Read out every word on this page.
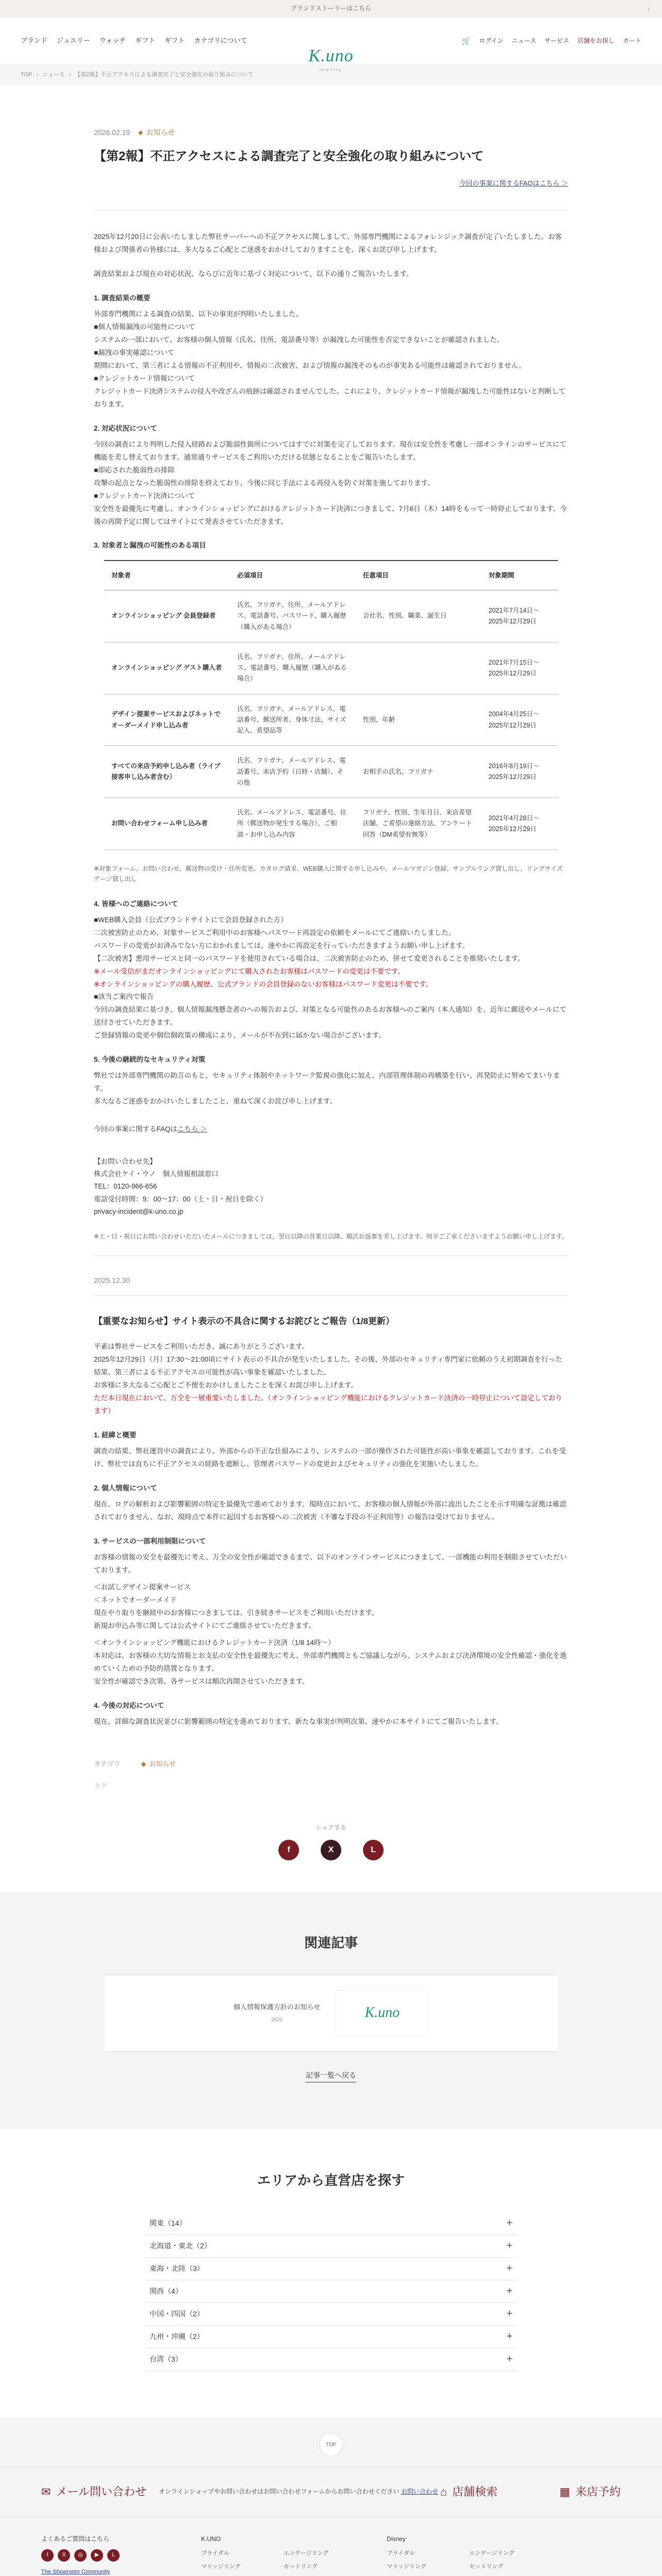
ブランドストーリーはこちら	›
ブランド ジュエリー ウォッチ ギフト ギフト カテゴリについて
K.uno
Jewelry
🛒 ログイン ニュース サービス 店舗をお探し カート
TOP › ニュース › 【第2報】不正アクセスによる調査完了と安全強化の取り組みについて
2026.02.19 ◆ お知らせ
【第2報】不正アクセスによる調査完了と安全強化の取り組みについて
今回の事案に関するFAQはこちら ＞

2025年12月20日に公表いたしました弊社サーバーへの不正アクセスに関しまして、外部専門機関によるフォレンジック調査が完了いたしました。お客様および関係者の皆様には、多大なるご心配とご迷惑をおかけしておりますことを、深くお詫び申し上げます。

調査結果および現在の対応状況、ならびに近年に基づく対応について、以下の通りご報告いたします。

1. 調査結果の概要
外部専門機関による調査の結果、以下の事実が判明いたしました。
■個人情報漏洩の可能性について
システムの一部において、お客様の個人情報（氏名、住所、電話番号等）が漏洩した可能性を否定できないことが確認されました。
■漏洩の事実確認について
期間において、第三者による情報の不正利用や、情報の二次被害、および情報の漏洩そのものが事実ある可能性は確認されておりません。
■クレジットカード情報について
クレジットカード決済システムの侵入や改ざんの痕跡は確認されませんでした。これにより、クレジットカード情報が漏洩した可能性はないと判断しております。
2. 対応状況について
今回の調査により判明した侵入経路および脆弱性箇所についてはすでに対策を完了しております。現在は安全性を考慮し一部オンラインのサービスにて機能を差し替えております。通常通りサービスをご利用いただける状態となることをご報告いたします。
■即応された脆弱性の排除
攻撃の起点となった脆弱性の排除を終えており、今後に同じ手法による再侵入を防ぐ対策を施しております。
■クレジットカード決済について
安全性を最優先に考慮し、オンラインショッピングにおけるクレジットカード決済につきまして、7月6日（木）14時をもって一時停止しております。今後の再開予定に関してはサイトにて発表させていただきます。
3. 対象者と漏洩の可能性のある項目
対象者	必須項目	任意項目	対象期間
オンラインショッピング 会員登録者	氏名、フリガナ、住所、メールアドレス、電話番号、パスワード、購入履歴（購入がある場合）	会社名、性別、職業、誕生日	2021年7月14日～2025年12月29日
オンラインショッピング ゲスト購入者	氏名、フリガナ、住所、メールアドレス、電話番号、購入履歴（購入がある場合）		2021年7月15日～2025年12月29日
デザイン提案サービスおよびネットでオーダーメイド申し込み者	氏名、フリガナ、メールアドレス、電話番号、郵送所者、身体寸法、サイズ記入、希望品等	性別、年齢	2004年4月25日～2025年12月29日
すべての来店予約申し込み者（ライブ接客申し込み者含む）	氏名、フリガナ、メールアドレス、電話番号、来店予約（日時・店舗）、その他	お相手の氏名、フリガナ	2016年8月19日～2025年12月29日
お問い合わせフォーム申し込み者	氏名、メールアドレス、電話番号、住所（郵送物が発生する場合）、ご相談・お申し込み内容	フリガナ、性別、生年月日、来店希望店舗、ご希望の連絡方法、アンケート回答（DM希望有無等）	2021年4月28日～2025年12月29日

※対象フォーム、お問い合わせ、郵送物の受け・住所変更、カタログ請求、WEB購入に関する申し込みや、メールマガジン登録、サンプルリング貸し出し、リングサイズゲージ貸し出し

4. 皆様へのご連絡について
■WEB購入会員（公式ブランドサイトにて会員登録された方）
二次被害防止のため、対象サービスご利用中のお客様へパスワード再設定の依頼をメールにてご連絡いたしました。
パスワードの変更がお済みでない方におかれましては、速やかに再設定を行っていただきますようお願い申し上げます。
【二次被害】悪用サービスと同一のパスワードを使用されている場合は、二次被害防止のため、併せて変更されることを推奨いたします。
※メール受信がまだオンラインショッピングにて購入されたお客様はパスワードの変更は不要です。
※オンラインショッピングの購入履歴、公式ブランドの会員登録のないお客様はパスワード変更は不要です。
■該当ご案内で報告
今回の調査結果に基づき、個人情報漏洩懸念者のへの報告および、対策となる可能性のあるお客様へのご案内（本人通知）を、近年に郵送やメールにて送付させていただきます。
ご登録情報の変更や個信個政策の構成により、メールが不在到に届かない場合がございます。
5. 今後の継続的なセキュリティ対策
弊社では外部専門機関の助言のもと、セキュリティ体制やネットワーク監視の強化に加え、内部管理体制の再構築を行い、再発防止に努めてまいります。
多大なるご迷惑をおかけいたしましたこと、重ねて深くお詫び申し上げます。
今回の事案に関するFAQはこちら ＞
【お問い合わせ先】
株式会社ケイ・ウノ　個人情報相談窓口
TEL：0120-966-656
電話受付時間：9：00～17：00（土・日・祝日を除く）
privacy-incident@k-uno.co.jp

※土・日・祝日にお問い合わせいただいたメールにつきましては、翌日以降の営業日以降、順次お返事を差し上げます。何卒ご了承くださいますようお願い申し上げます。

2025.12.30
【重要なお知らせ】サイト表示の不具合に関するお詫びとご報告（1/8更新）
平素は弊社サービスをご利用いただき、誠にありがとうございます。
2025年12月29日（月）17:30～21:00頃にサイト表示の不具合が発生いたしました。その後、外部のセキュリティ専門家に依頼のうえ初期調査を行った結果、第三者による不正アクセスの可能性が高い事象を確認いたしました。
お客様に多大なるご心配とご不便をおかけしましたことを深くお詫び申し上げます。
ただ本日現在において、万全を一層重要いたしました。（オンラインショッピング機能におけるクレジットカード決済の一時停止について設定しております）
1. 経緯と概要
調査の結果、弊社運営中の調査により、外部からの不正な仕組みにより、システムの一部が操作された可能性が高い事象を確認しております。これを受け、弊社では直ちに不正アクセスの経路を遮断し、管理者パスワードの変更およびセキュリティの強化を実施いたしました。
2. 個人情報について
現在、ログの解析および影響範囲の特定を最優先で進めております。現時点において、お客様の個人情報が外部に流出したことを示す明確な証拠は確認されておりません。なお、現時点で本件に起因するお客様への二次被害（不審な手段の不正利用等）の報告は受けておりません。
3. サービスの一部利用制限について
お客様の情報の安全を最優先に考え、万全の安全性が確認できるまで、以下のオンラインサービスにつきまして、一部機能の利用を制限させていただいております。
＜お試しデザイン提案サービス
＜ネットでオーダーメイド
現在やり取りを継続中のお客様につきましては、引き続きサービスをご利用いただけます。
新規お申込み等に関しては公式サイトにてご連絡させていただきます。
＜オンラインショッピング機能におけるクレジットカード決済（1/8 14時～）
本対応は、お客様の大切な情報とお支払の安全性を最優先に考え、外部専門機関ともご協議しながら、システムおよび決済環境の安全性確認・強化を進めていくための予防的措置となります。
安全性が確認でき次第、各サービスは順次再開させていただきます。
4. 今後の対応について
現在、詳細な調査状況並びに影響範囲の特定を進めております。新たな事実が判明次第、速やかに本サイトにてご報告いたします。
カテゴリ	◆ お知らせ
タグ
シェアする
f	X	L
関連記事
個人情報保護方針のお知らせ
2025	K.uno
記事一覧へ戻る
エリアから直営店を探す
関東（14）	+
北海道・東北（2）	+
東海・北陸（3）	+
関西（4）	+
中国・四国（2）	+
九州・沖縄（2）	+
台湾（3）	+
TOP
✉ メール問い合わせ オンラインショップやお問い合わせはお問い合わせフォームからお問い合わせください お問い合わせ ⌂ 店舗検索	▦ 来店予約
よくあるご質問はこちら
f	X	◎	▶	L
The Showroom Community
K.UNO
ブライダル	エンゲージリング
マリッジリング	セットリング
Disney
ブライダル	エンゲージリング
マリッジリング	セットリング
